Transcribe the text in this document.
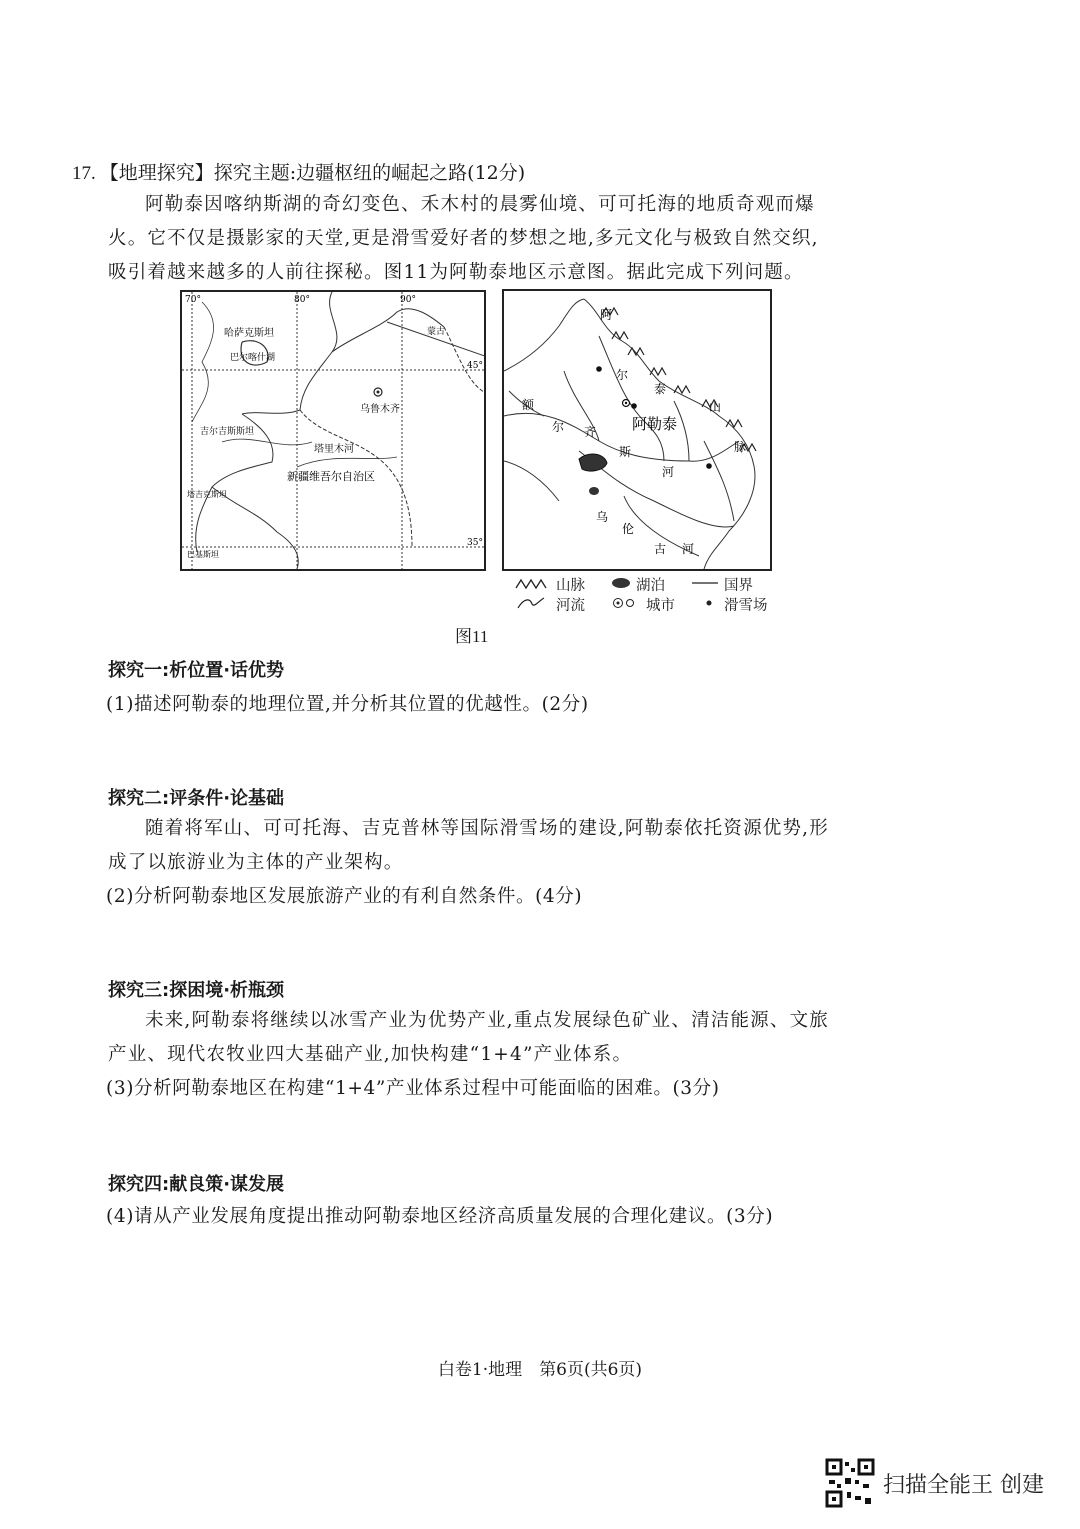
17. 【地理探究】探究主题:边疆枢纽的崛起之路(12分)
阿勒泰因喀纳斯湖的奇幻变色、禾木村的晨雾仙境、可可托海的地质奇观而爆火。它不仅是摄影家的天堂,更是滑雪爱好者的梦想之地,多元文化与极致自然交织,吸引着越来越多的人前往探秘。图11为阿勒泰地区示意图。据此完成下列问题。
70°	80°	90°
45°
35°
哈萨克斯坦
巴尔喀什湖
吉尔吉斯斯坦
蒙古
乌鲁木齐
塔里木河
新疆维吾尔自治区
塔吉克斯坦
巴基斯坦
阿
尔
泰
山
脉
额
尔 齐
斯
河
阿勒泰
乌
伦
古 河
山脉	湖泊	国界
河流	城市	滑雪场
图11
探究一:析位置·话优势
(1)描述阿勒泰的地理位置,并分析其位置的优越性。(2分)
探究二:评条件·论基础
随着将军山、可可托海、吉克普林等国际滑雪场的建设,阿勒泰依托资源优势,形成了以旅游业为主体的产业架构。
(2)分析阿勒泰地区发展旅游产业的有利自然条件。(4分)
探究三:探困境·析瓶颈
未来,阿勒泰将继续以冰雪产业为优势产业,重点发展绿色矿业、清洁能源、文旅产业、现代农牧业四大基础产业,加快构建“1+4”产业体系。
(3)分析阿勒泰地区在构建“1+4”产业体系过程中可能面临的困难。(3分)
探究四:献良策·谋发展
(4)请从产业发展角度提出推动阿勒泰地区经济高质量发展的合理化建议。(3分)
白卷1·地理　第6页(共6页)
扫描全能王 创建
